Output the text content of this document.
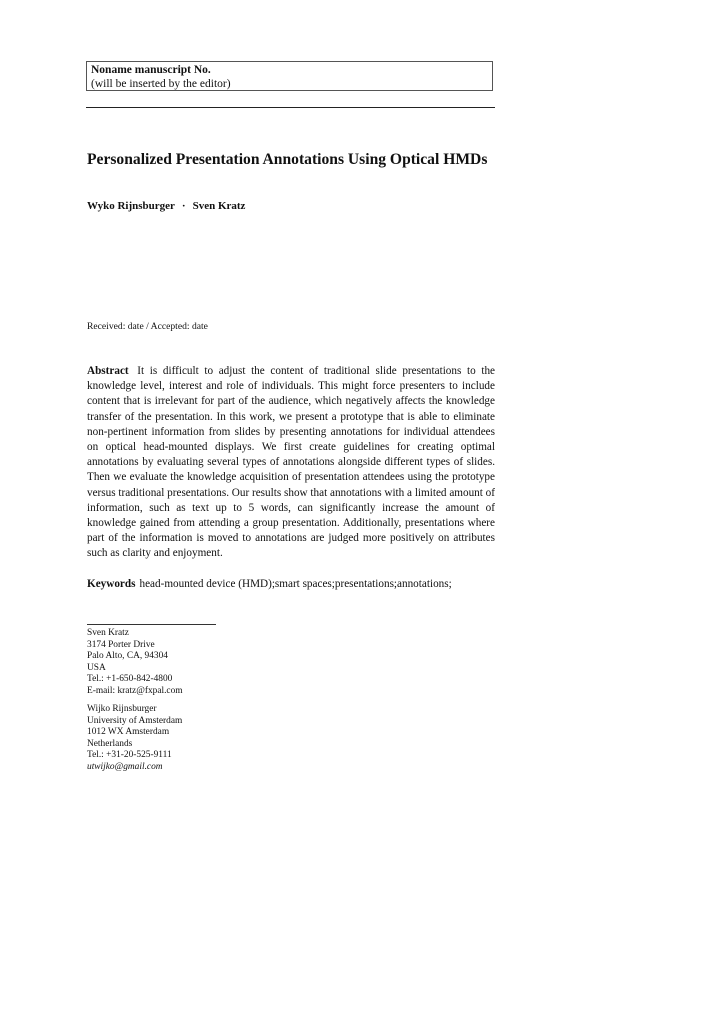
Noname manuscript No.
(will be inserted by the editor)
Personalized Presentation Annotations Using Optical HMDs
Wyko Rijnsburger · Sven Kratz
Received: date / Accepted: date

Abstract It is difficult to adjust the content of traditional slide presentations to the knowledge level, interest and role of individuals. This might force presenters to include content that is irrelevant for part of the audience, which negatively affects the knowledge transfer of the presentation. In this work, we present a prototype that is able to eliminate non-pertinent information from slides by presenting annotations for individual attendees on optical head-mounted displays. We first create guidelines for creating optimal annotations by evaluating several types of annotations alongside different types of slides. Then we evaluate the knowledge acquisition of presentation attendees using the prototype versus traditional presentations. Our results show that annotations with a limited amount of information, such as text up to 5 words, can significantly increase the amount of knowledge gained from attending a group presentation. Additionally, presentations where part of the information is moved to annotations are judged more positively on attributes such as clarity and enjoyment.

Keywords head-mounted device (HMD);smart spaces;presentations;annotations;
Sven Kratz
3174 Porter Drive
Palo Alto, CA, 94304
USA
Tel.: +1-650-842-4800
E-mail: kratz@fxpal.com
Wijko Rijnsburger
University of Amsterdam
1012 WX Amsterdam
Netherlands
Tel.: +31-20-525-9111
utwijko@gmail.com
